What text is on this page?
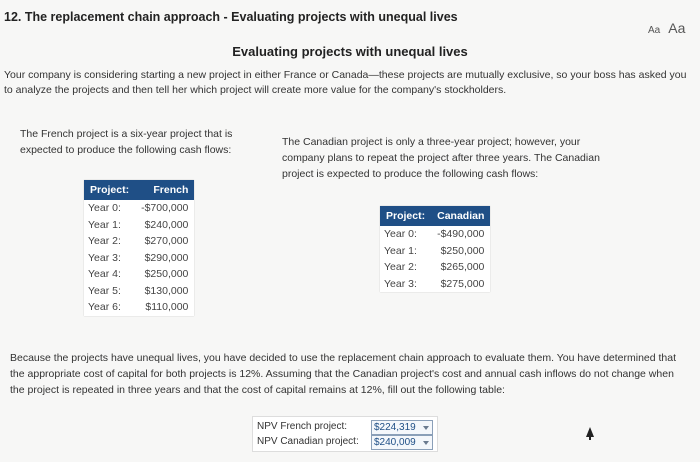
12. The replacement chain approach - Evaluating projects with unequal lives
Aa Aa
Evaluating projects with unequal lives
Your company is considering starting a new project in either France or Canada—these projects are mutually exclusive, so your boss has asked you to analyze the projects and then tell her which project will create more value for the company's stockholders.
The French project is a six-year project that is expected to produce the following cash flows:
The Canadian project is only a three-year project; however, your company plans to repeat the project after three years. The Canadian project is expected to produce the following cash flows:
Project:	French
Year 0:	-$700,000
Year 1:	$240,000
Year 2:	$270,000
Year 3:	$290,000
Year 4:	$250,000
Year 5:	$130,000
Year 6:	$110,000
Project:	Canadian
Year 0:	-$490,000
Year 1:	$250,000
Year 2:	$265,000
Year 3:	$275,000
Because the projects have unequal lives, you have decided to use the replacement chain approach to evaluate them. You have determined that the appropriate cost of capital for both projects is 12%. Assuming that the Canadian project's cost and annual cash inflows do not change when the project is repeated in three years and that the cost of capital remains at 12%, fill out the following table:
NPV French project:	$224,319
NPV Canadian project: $240,009
